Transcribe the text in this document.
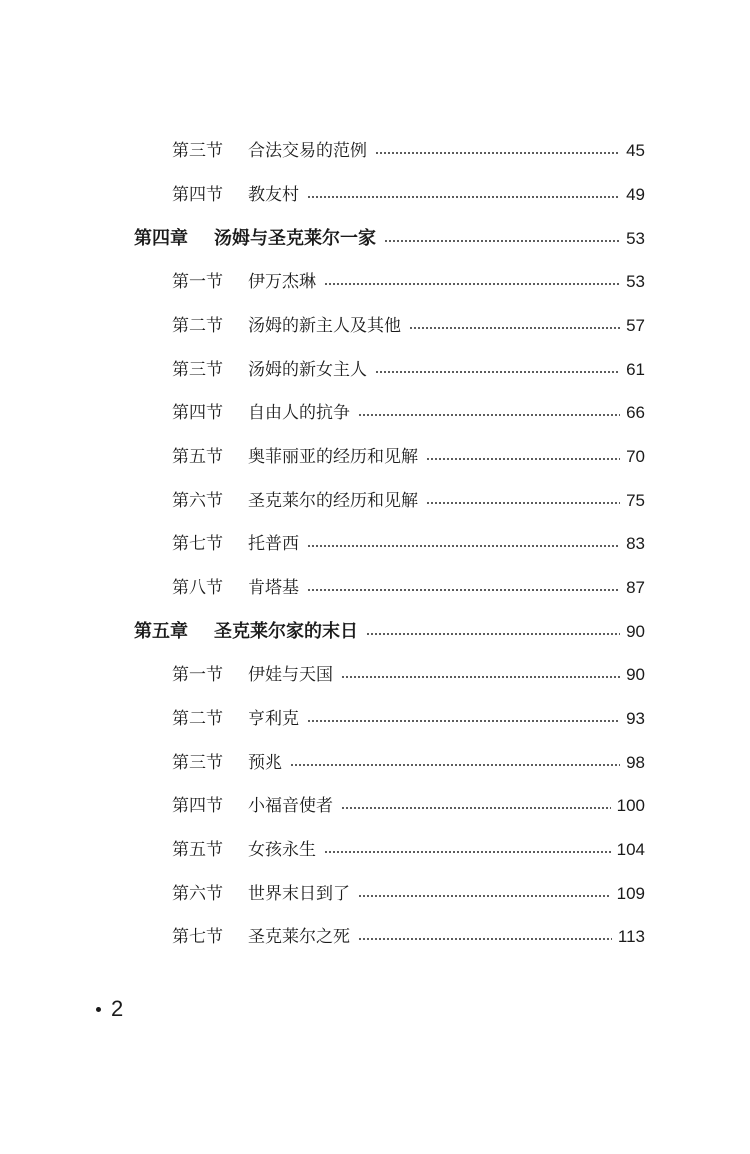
第三节	合法交易的范例	45
第四节	教友村	49
第四章	汤姆与圣克莱尔一家	53
第一节	伊万杰琳	53
第二节	汤姆的新主人及其他	57
第三节	汤姆的新女主人	61
第四节	自由人的抗争	66
第五节	奥菲丽亚的经历和见解	70
第六节	圣克莱尔的经历和见解	75
第七节	托普西	83
第八节	肯塔基	87
第五章	圣克莱尔家的末日	90
第一节	伊娃与天国	90
第二节	亨利克	93
第三节	预兆	98
第四节	小福音使者	100
第五节	女孩永生	104
第六节	世界末日到了	109
第七节	圣克莱尔之死	113
2
